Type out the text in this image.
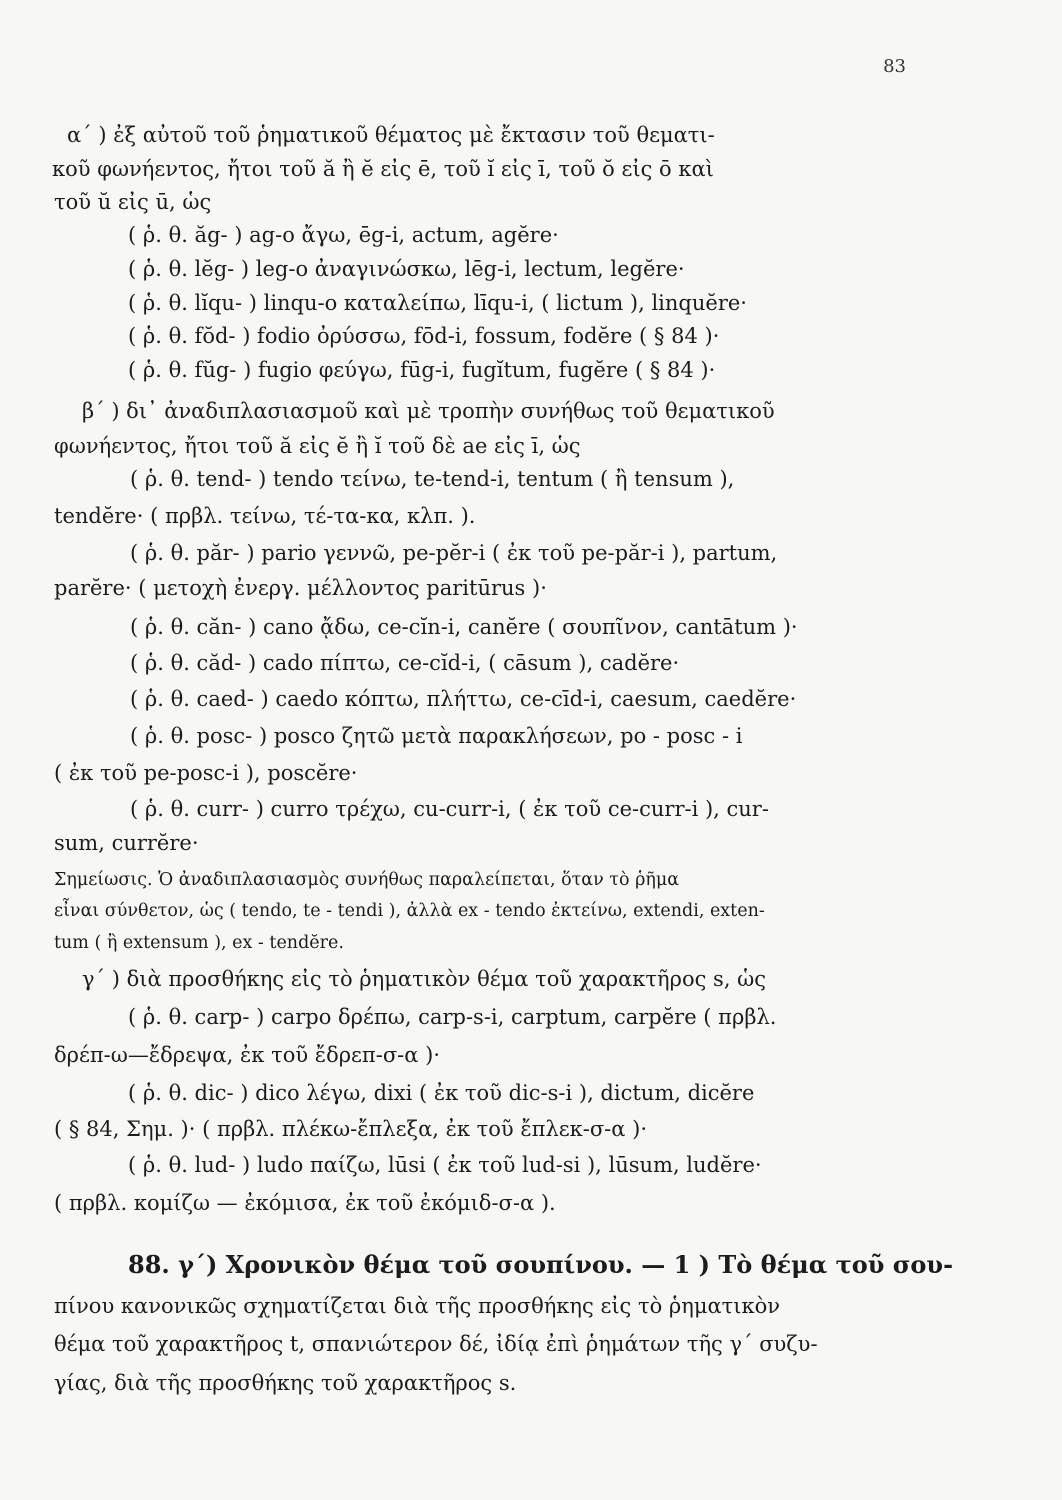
83
α΄ ) ἐξ αὐτοῦ τοῦ ῥηματικοῦ θέματος μὲ ἔκτασιν τοῦ θεματι-
κοῦ φωνήεντος, ἤτοι τοῦ ă ἢ ĕ εἰς ē, τοῦ ĭ εἰς ī, τοῦ ŏ εἰς ō καὶ
τοῦ ŭ εἰς ū, ὡς
( ῥ. θ. ăg- ) ag-o ἄγω, ēg-i, actum, agĕre·
( ῥ. θ. lĕg- ) leg-o ἀναγινώσκω, lēg-i, lectum, legĕre·
( ῥ. θ. lĭqu- ) linqu-o καταλείπω, līqu-i, ( lictum ), linquĕre·
( ῥ. θ. fŏd- ) fodio ὀρύσσω, fōd-i, fossum, fodĕre ( § 84 )·
( ῥ. θ. fŭg- ) fugio φεύγω, fūg-i, fugĭtum, fugĕre ( § 84 )·
β΄ ) δι᾽ ἀναδιπλασιασμοῦ καὶ μὲ τροπὴν συνήθως τοῦ θεματικοῦ
φωνήεντος, ἤτοι τοῦ ă εἰς ĕ ἢ ĭ τοῦ δὲ ae εἰς ī, ὡς
( ῥ. θ. tend- ) tendo τείνω, te-tend-i, tentum ( ἢ tensum ),
tendĕre· ( πρβλ. τείνω, τέ-τα-κα, κλπ. ).
( ῥ. θ. păr- ) pario γεννῶ, pe-pĕr-i ( ἐκ τοῦ pe-păr-i ), partum,
parĕre· ( μετοχὴ ἐνεργ. μέλλοντος paritūrus )·
( ῥ. θ. căn- ) cano ᾄδω, ce-cĭn-i, canĕre ( σουπῖνον, cantātum )·
( ῥ. θ. căd- ) cado πίπτω, ce-cĭd-i, ( cāsum ), cadĕre·
( ῥ. θ. caed- ) caedo κόπτω, πλήττω, ce-cīd-i, caesum, caedĕre·
( ῥ. θ. posc- ) posco ζητῶ μετὰ παρακλήσεων, po - posc - i
( ἐκ τοῦ pe-posc-i ), poscĕre·
( ῥ. θ. curr- ) curro τρέχω, cu-curr-i, ( ἐκ τοῦ ce-curr-i ), cur-
sum, currĕre·
Σημείωσις. Ὁ ἀναδιπλασιασμὸς συνήθως παραλείπεται, ὅταν τὸ ῥῆμα
εἶναι σύνθετον, ὡς ( tendo, te - tendi ), ἀλλὰ ex - tendo ἐκτείνω, extendi, exten-
tum ( ἢ extensum ), ex - tendĕre.
γ΄ ) διὰ προσθήκης εἰς τὸ ῥηματικὸν θέμα τοῦ χαρακτῆρος s, ὡς
( ῥ. θ. carp- ) carpo δρέπω, carp-s-i, carptum, carpĕre ( πρβλ.
δρέπ-ω—ἔδρεψα, ἐκ τοῦ ἔδρεπ-σ-α )·
( ῥ. θ. dic- ) dico λέγω, dixi ( ἐκ τοῦ dic-s-i ), dictum, dicĕre
( § 84, Σημ. )· ( πρβλ. πλέκω-ἔπλεξα, ἐκ τοῦ ἔπλεκ-σ-α )·
( ῥ. θ. lud- ) ludo παίζω, lūsi ( ἐκ τοῦ lud-si ), lūsum, ludĕre·
( πρβλ. κομίζω — ἐκόμισα, ἐκ τοῦ ἐκόμιδ-σ-α ).
88. γ΄) Χρονικὸν θέμα τοῦ σουπίνου. — 1 ) Τὸ θέμα τοῦ σου-
πίνου κανονικῶς σχηματίζεται διὰ τῆς προσθήκης εἰς τὸ ῥηματικὸν
θέμα τοῦ χαρακτῆρος t, σπανιώτερον δέ, ἰδίᾳ ἐπὶ ῥημάτων τῆς γ΄ συζυ-
γίας, διὰ τῆς προσθήκης τοῦ χαρακτῆρος s.
